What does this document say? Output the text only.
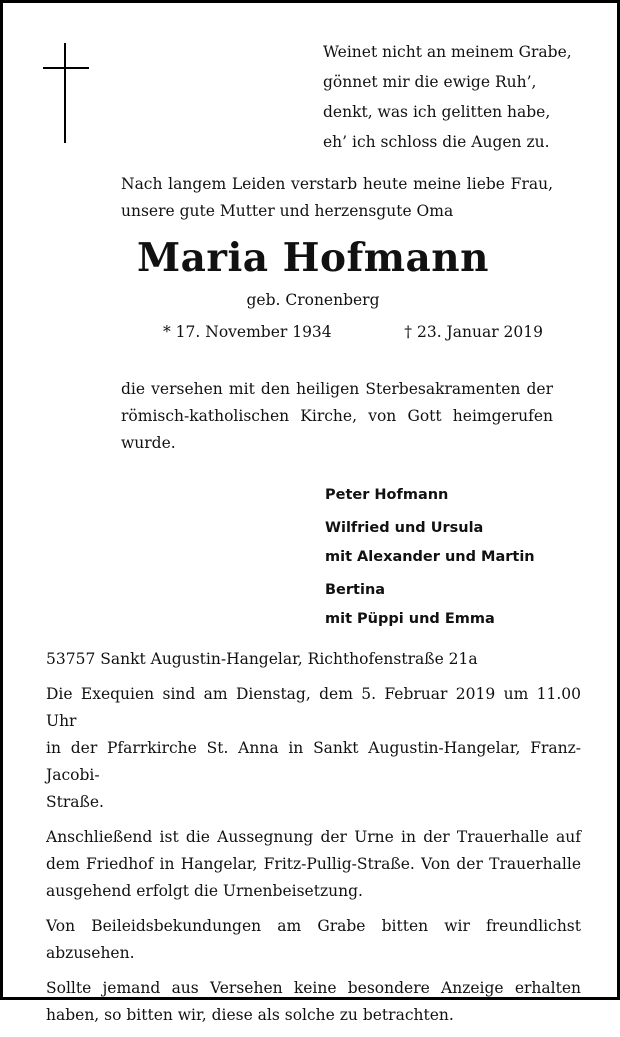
Weinet nicht an meinem Grabe,
gönnet mir die ewige Ruh’,
denkt, was ich gelitten habe,
eh’ ich schloss die Augen zu.
Nach langem Leiden verstarb heute meine liebe Frau,
unsere gute Mutter und herzensgute Oma
Maria Hofmann
geb. Cronenberg
* 17. November 1934	† 23. Januar 2019
die versehen mit den heiligen Sterbesakramenten der
römisch-katholischen Kirche, von Gott heimgerufen
wurde.
Peter Hofmann
Wilfried und Ursula
mit Alexander und Martin
Bertina
mit Püppi und Emma
53757 Sankt Augustin-Hangelar, Richthofenstraße 21a
Die Exequien sind am Dienstag, dem 5. Februar 2019 um 11.00 Uhr
in der Pfarrkirche St. Anna in Sankt Augustin-Hangelar, Franz-Jacobi-
Straße.
Anschließend ist die Aussegnung der Urne in der Trauerhalle auf
dem Friedhof in Hangelar, Fritz-Pullig-Straße. Von der Trauerhalle
ausgehend erfolgt die Urnenbeisetzung.
Von Beileidsbekundungen am Grabe bitten wir freundlichst
abzusehen.
Sollte jemand aus Versehen keine besondere Anzeige erhalten
haben, so bitten wir, diese als solche zu betrachten.
